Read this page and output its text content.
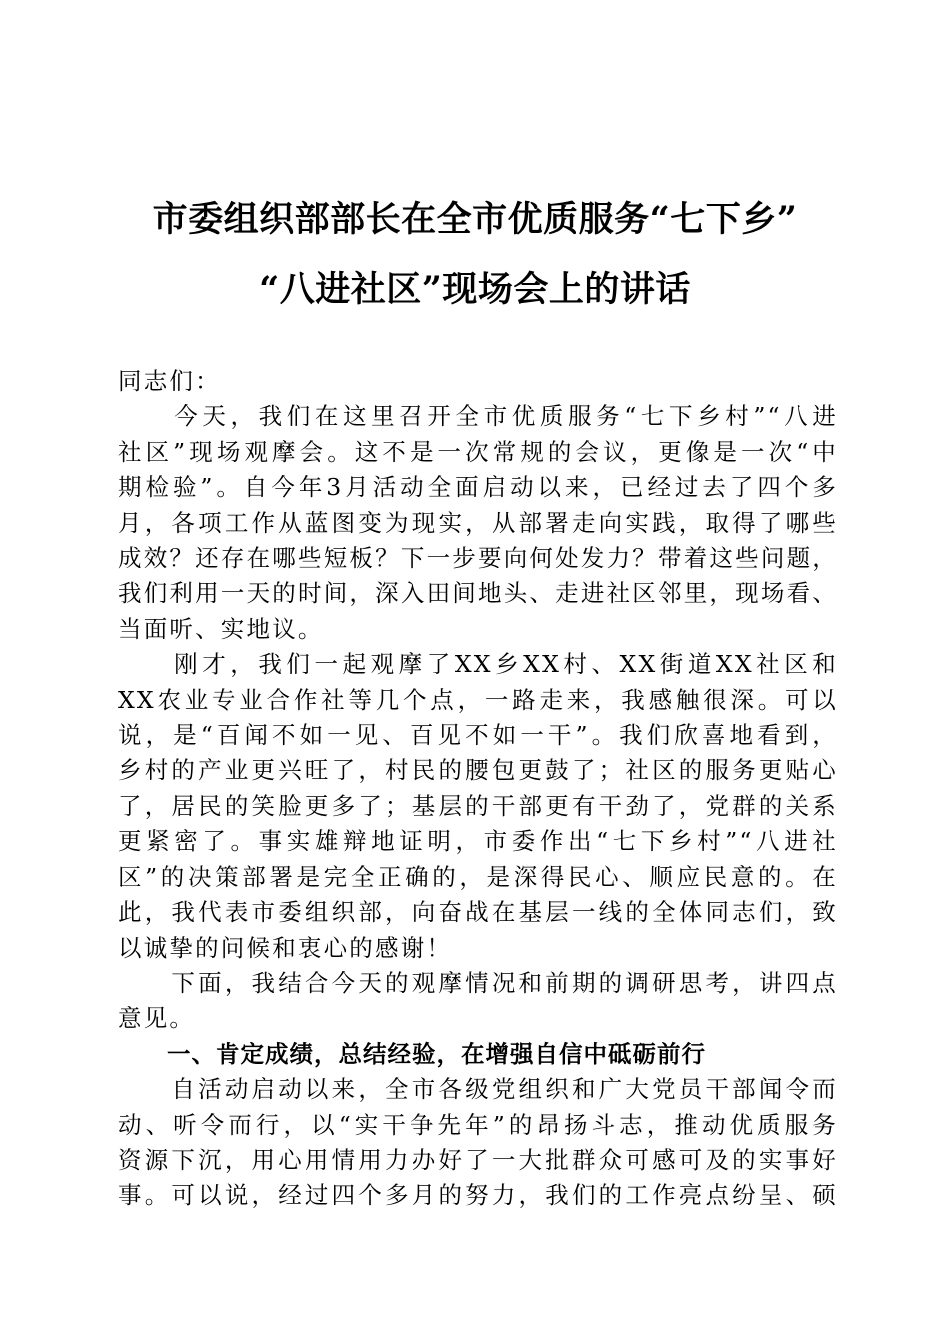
市委组织部部长在全市优质服务“七下乡”
“八进社区”现场会上的讲话
同志们：
　　今天，我们在这里召开全市优质服务“七下乡村”“八进
社区”现场观摩会。这不是一次常规的会议，更像是一次“中
期检验”。自今年3月活动全面启动以来，已经过去了四个多
月，各项工作从蓝图变为现实，从部署走向实践，取得了哪些
成效？还存在哪些短板？下一步要向何处发力？带着这些问题，
我们利用一天的时间，深入田间地头、走进社区邻里，现场看、
当面听、实地议。
　　刚才，我们一起观摩了XX乡XX村、XX街道XX社区和
XX农业专业合作社等几个点，一路走来，我感触很深。可以
说，是“百闻不如一见、百见不如一干”。我们欣喜地看到，
乡村的产业更兴旺了，村民的腰包更鼓了；社区的服务更贴心
了，居民的笑脸更多了；基层的干部更有干劲了，党群的关系
更紧密了。事实雄辩地证明，市委作出“七下乡村”“八进社
区”的决策部署是完全正确的，是深得民心、顺应民意的。在
此，我代表市委组织部，向奋战在基层一线的全体同志们，致
以诚挚的问候和衷心的感谢！
　　下面，我结合今天的观摩情况和前期的调研思考，讲四点
意见。
　　一、肯定成绩，总结经验，在增强自信中砥砺前行
　　自活动启动以来，全市各级党组织和广大党员干部闻令而
动、听令而行，以“实干争先年”的昂扬斗志，推动优质服务
资源下沉，用心用情用力办好了一大批群众可感可及的实事好
事。可以说，经过四个多月的努力，我们的工作亮点纷呈、硕
